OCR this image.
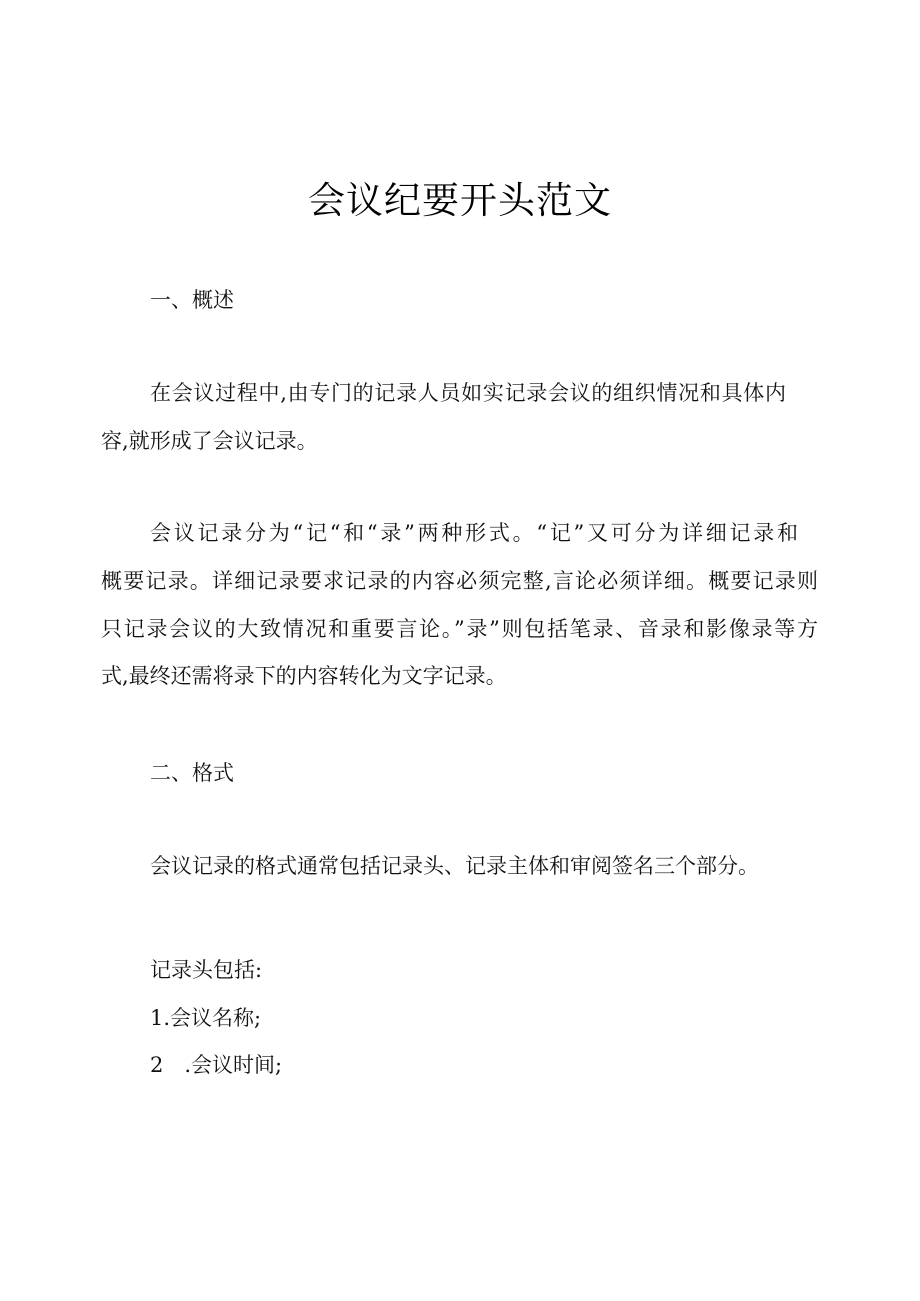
会议纪要开头范文
一、概述
在会议过程中,由专门的记录人员如实记录会议的组织情况和具体内
容,就形成了会议记录。
会议记录分为“记“和“录”两种形式。“记”又可分为详细记录和
概要记录。详细记录要求记录的内容必须完整,言论必须详细。概要记录则
只记录会议的大致情况和重要言论。”录”则包括笔录、音录和影像录等方
式,最终还需将录下的内容转化为文字记录。
二、格式
会议记录的格式通常包括记录头、记录主体和审阅签名三个部分。
记录头包括:
1.会议名称;
2　.会议时间;
